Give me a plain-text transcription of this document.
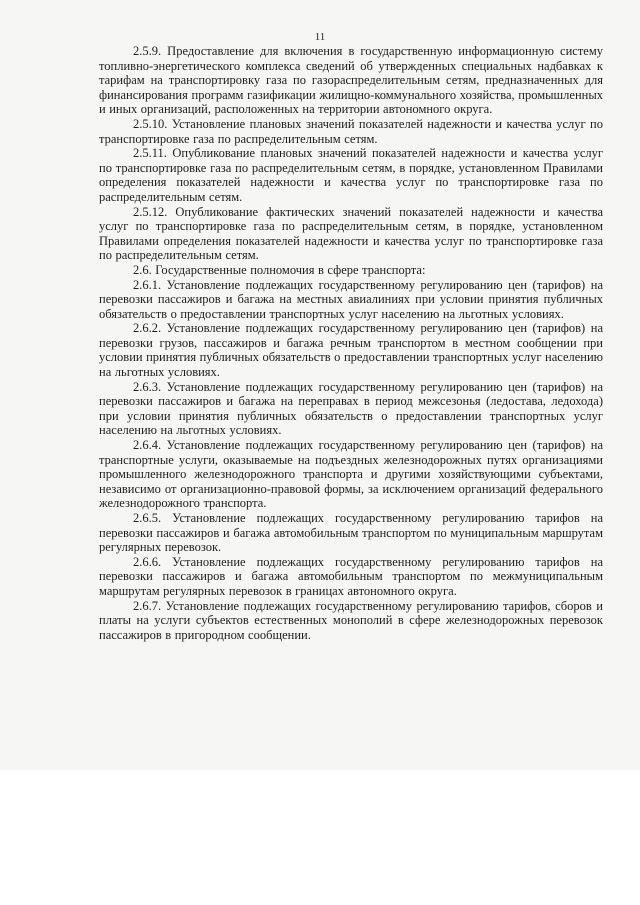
11

2.5.9. Предоставление для включения в государственную информационную систему топливно-энергетического комплекса сведений об утвержденных специальных надбавках к тарифам на транспортировку газа по газораспределительным сетям, предназначенных для финансирования программ газификации жилищно-коммунального хозяйства, промышленных и иных организаций, расположенных на территории автономного округа.

2.5.10. Установление плановых значений показателей надежности и качества услуг по транспортировке газа по распределительным сетям.

2.5.11. Опубликование плановых значений показателей надежности и качества услуг по транспортировке газа по распределительным сетям, в порядке, установленном Правилами определения показателей надежности и качества услуг по транспортировке газа по распределительным сетям.

2.5.12. Опубликование фактических значений показателей надежности и качества услуг по транспортировке газа по распределительным сетям, в порядке, установленном Правилами определения показателей надежности и качества услуг по транспортировке газа по распределительным сетям.

2.6. Государственные полномочия в сфере транспорта:

2.6.1. Установление подлежащих государственному регулированию цен (тарифов) на перевозки пассажиров и багажа на местных авиалиниях при условии принятия публичных обязательств о предоставлении транспортных услуг населению на льготных условиях.

2.6.2. Установление подлежащих государственному регулированию цен (тарифов) на перевозки грузов, пассажиров и багажа речным транспортом в местном сообщении при условии принятия публичных обязательств о предоставлении транспортных услуг населению на льготных условиях.

2.6.3. Установление подлежащих государственному регулированию цен (тарифов) на перевозки пассажиров и багажа на переправах в период межсезонья (ледостава, ледохода) при условии принятия публичных обязательств о предоставлении транспортных услуг населению на льготных условиях.

2.6.4. Установление подлежащих государственному регулированию цен (тарифов) на транспортные услуги, оказываемые на подъездных железнодорожных путях организациями промышленного железнодорожного транспорта и другими хозяйствующими субъектами, независимо от организационно-правовой формы, за исключением организаций федерального железнодорожного транспорта.

2.6.5. Установление подлежащих государственному регулированию тарифов на перевозки пассажиров и багажа автомобильным транспортом по муниципальным маршрутам регулярных перевозок.

2.6.6. Установление подлежащих государственному регулированию тарифов на перевозки пассажиров и багажа автомобильным транспортом по межмуниципальным маршрутам регулярных перевозок в границах автономного округа.

2.6.7. Установление подлежащих государственному регулированию тарифов, сборов и платы на услуги субъектов естественных монополий в сфере железнодорожных перевозок пассажиров в пригородном сообщении.
